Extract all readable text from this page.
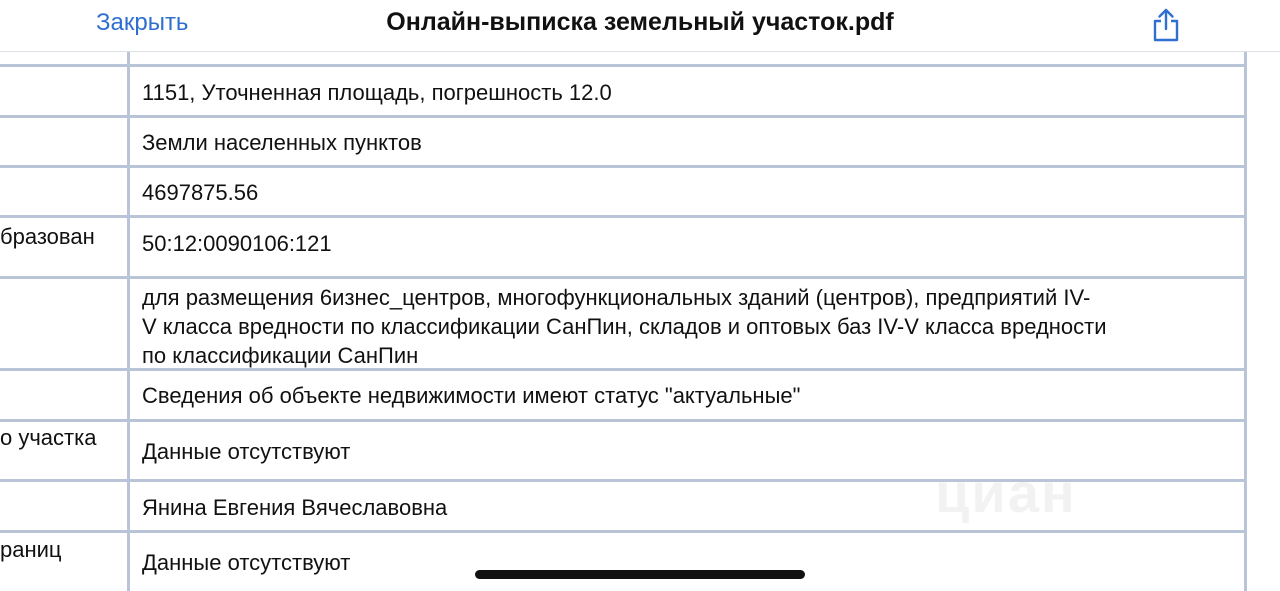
1151, Уточненная площадь, погрешность 12.0
Земли населенных пунктов
4697875.56
бразован 50:12:0090106:121
для размещения 6изнес_центров, многофункциональных зданий (центров), предприятий IV-
V класса вредности по классификации СанПин, складов и оптовых баз IV-V класса вредности
по классификации СанПин
Сведения об объекте недвижимости имеют статус "актуальные"
о участка
Данные отсутствуют
Янина Евгения Вячеславовна
раниц
Данные отсутствуют
циан
Закрыть	Онлайн-выписка земельный участок.pdf
